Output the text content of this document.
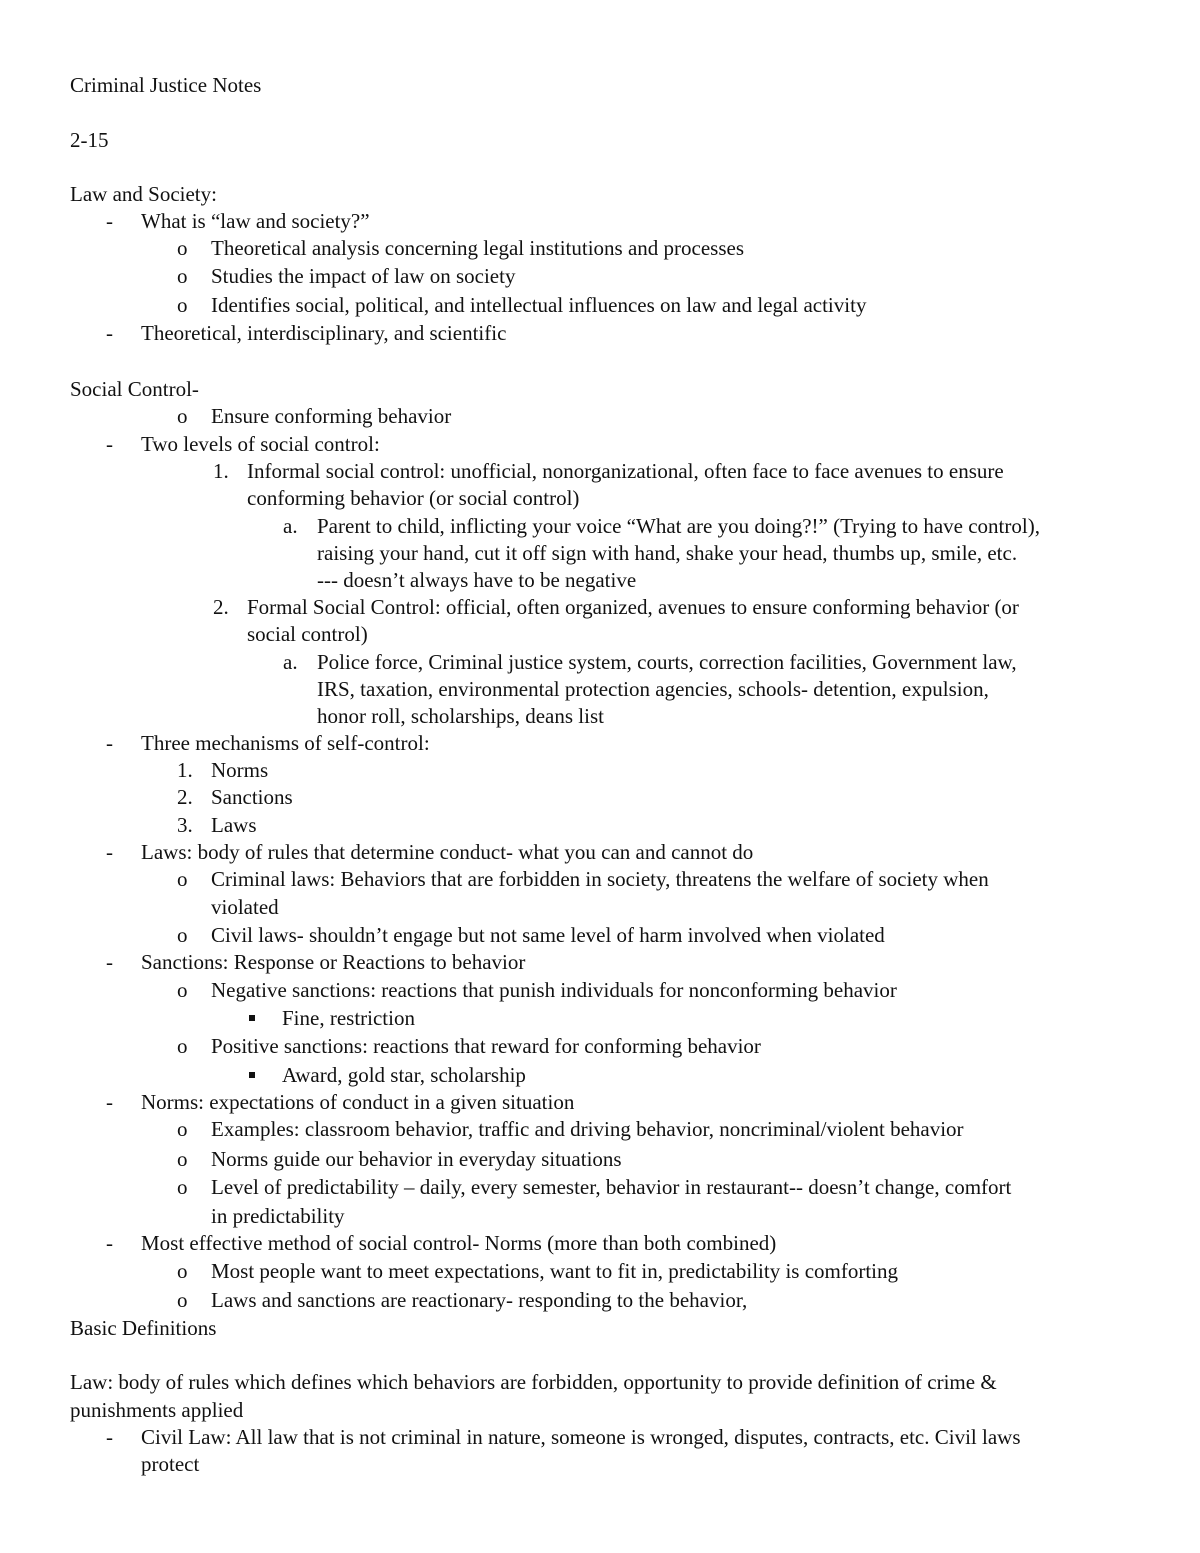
Criminal Justice Notes

2-15

Law and Society:

- What is “law and society?”

o Theoretical analysis concerning legal institutions and processes

o Studies the impact of law on society

o Identifies social, political, and intellectual influences on law and legal activity

- Theoretical, interdisciplinary, and scientific

Social Control-

o Ensure conforming behavior

- Two levels of social control:

1. Informal social control: unofficial, nonorganizational, often face to face avenues to ensure

conforming behavior (or social control)

a. Parent to child, inflicting your voice “What are you doing?!” (Trying to have control),

raising your hand, cut it off sign with hand, shake your head, thumbs up, smile, etc.

--- doesn’t always have to be negative

2. Formal Social Control: official, often organized, avenues to ensure conforming behavior (or

social control)

a. Police force, Criminal justice system, courts, correction facilities, Government law,

IRS, taxation, environmental protection agencies, schools- detention, expulsion,

honor roll, scholarships, deans list

- Three mechanisms of self-control:

1. Norms

2. Sanctions

3. Laws

- Laws: body of rules that determine conduct- what you can and cannot do

o Criminal laws: Behaviors that are forbidden in society, threatens the welfare of society when

violated

o Civil laws- shouldn’t engage but not same level of harm involved when violated

- Sanctions: Response or Reactions to behavior

o Negative sanctions: reactions that punish individuals for nonconforming behavior

Fine, restriction

o Positive sanctions: reactions that reward for conforming behavior

Award, gold star, scholarship

- Norms: expectations of conduct in a given situation

o Examples: classroom behavior, traffic and driving behavior, noncriminal/violent behavior

o Norms guide our behavior in everyday situations

o Level of predictability – daily, every semester, behavior in restaurant-- doesn’t change, comfort

in predictability

- Most effective method of social control- Norms (more than both combined)

o Most people want to meet expectations, want to fit in, predictability is comforting

o Laws and sanctions are reactionary- responding to the behavior,

Basic Definitions

Law: body of rules which defines which behaviors are forbidden, opportunity to provide definition of crime &

punishments applied

- Civil Law: All law that is not criminal in nature, someone is wronged, disputes, contracts, etc. Civil laws

protect
